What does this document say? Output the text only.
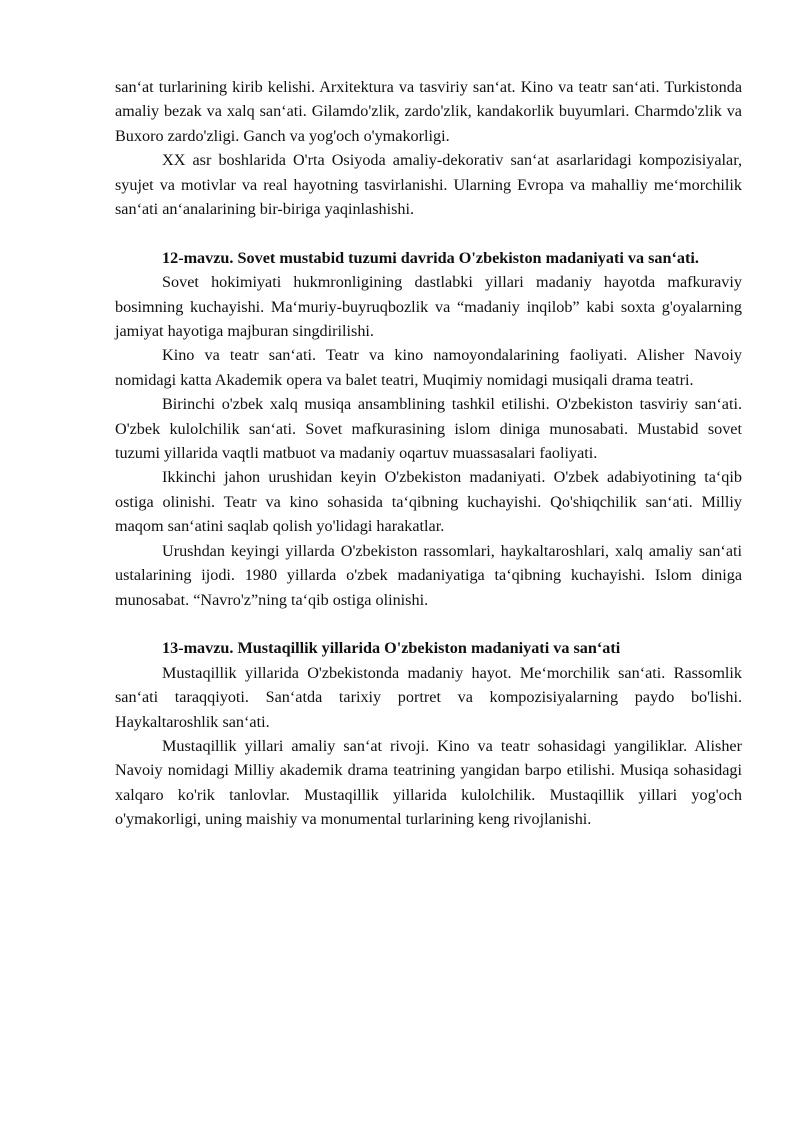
san‘at turlarining kirib kelishi. Arxitektura va tasviriy san‘at. Kino va teatr san‘ati. Turkistonda amaliy bezak va xalq san‘ati. Gilamdo'zlik, zardo'zlik, kandakorlik buyumlari. Charmdo'zlik va Buxoro zardo'zligi. Ganch va yog'och o'ymakorligi.

XX asr boshlarida O'rta Osiyoda amaliy-dekorativ san‘at asarlaridagi kompozisiyalar, syujet va motivlar va real hayotning tasvirlanishi. Ularning Evropa va mahalliy me‘morchilik san‘ati an‘analarining bir-biriga yaqinlashishi.

12-mavzu. Sovet mustabid tuzumi davrida O'zbekiston madaniyati va san‘ati.

Sovet hokimiyati hukmronligining dastlabki yillari madaniy hayotda mafkuraviy bosimning kuchayishi. Ma‘muriy-buyruqbozlik va “madaniy inqilob” kabi soxta g'oyalarning jamiyat hayotiga majburan singdirilishi.

Kino va teatr san‘ati. Teatr va kino namoyondalarining faoliyati. Alisher Navoiy nomidagi katta Akademik opera va balet teatri, Muqimiy nomidagi musiqali drama teatri.

Birinchi o'zbek xalq musiqa ansamblining tashkil etilishi. O'zbekiston tasviriy san‘ati. O'zbek kulolchilik san‘ati. Sovet mafkurasining islom diniga munosabati. Mustabid sovet tuzumi yillarida vaqtli matbuot va madaniy oqartuv muassasalari faoliyati.

Ikkinchi jahon urushidan keyin O'zbekiston madaniyati. O'zbek adabiyotining ta‘qib ostiga olinishi. Teatr va kino sohasida ta‘qibning kuchayishi. Qo'shiqchilik san‘ati. Milliy maqom san‘atini saqlab qolish yo'lidagi harakatlar.

Urushdan keyingi yillarda O'zbekiston rassomlari, haykaltaroshlari, xalq amaliy san‘ati ustalarining ijodi. 1980 yillarda o'zbek madaniyatiga ta‘qibning kuchayishi. Islom diniga munosabat. “Navro'z”ning ta‘qib ostiga olinishi.

13-mavzu. Mustaqillik yillarida O'zbekiston madaniyati va san‘ati

Mustaqillik yillarida O'zbekistonda madaniy hayot. Me‘morchilik san‘ati. Rassomlik san‘ati taraqqiyoti. San‘atda tarixiy portret va kompozisiyalarning paydo bo'lishi. Haykaltaroshlik san‘ati.

Mustaqillik yillari amaliy san‘at rivoji. Kino va teatr sohasidagi yangiliklar. Alisher Navoiy nomidagi Milliy akademik drama teatrining yangidan barpo etilishi. Musiqa sohasidagi xalqaro ko'rik tanlovlar. Mustaqillik yillarida kulolchilik. Mustaqillik yillari yog'och o'ymakorligi, uning maishiy va monumental turlarining keng rivojlanishi.
